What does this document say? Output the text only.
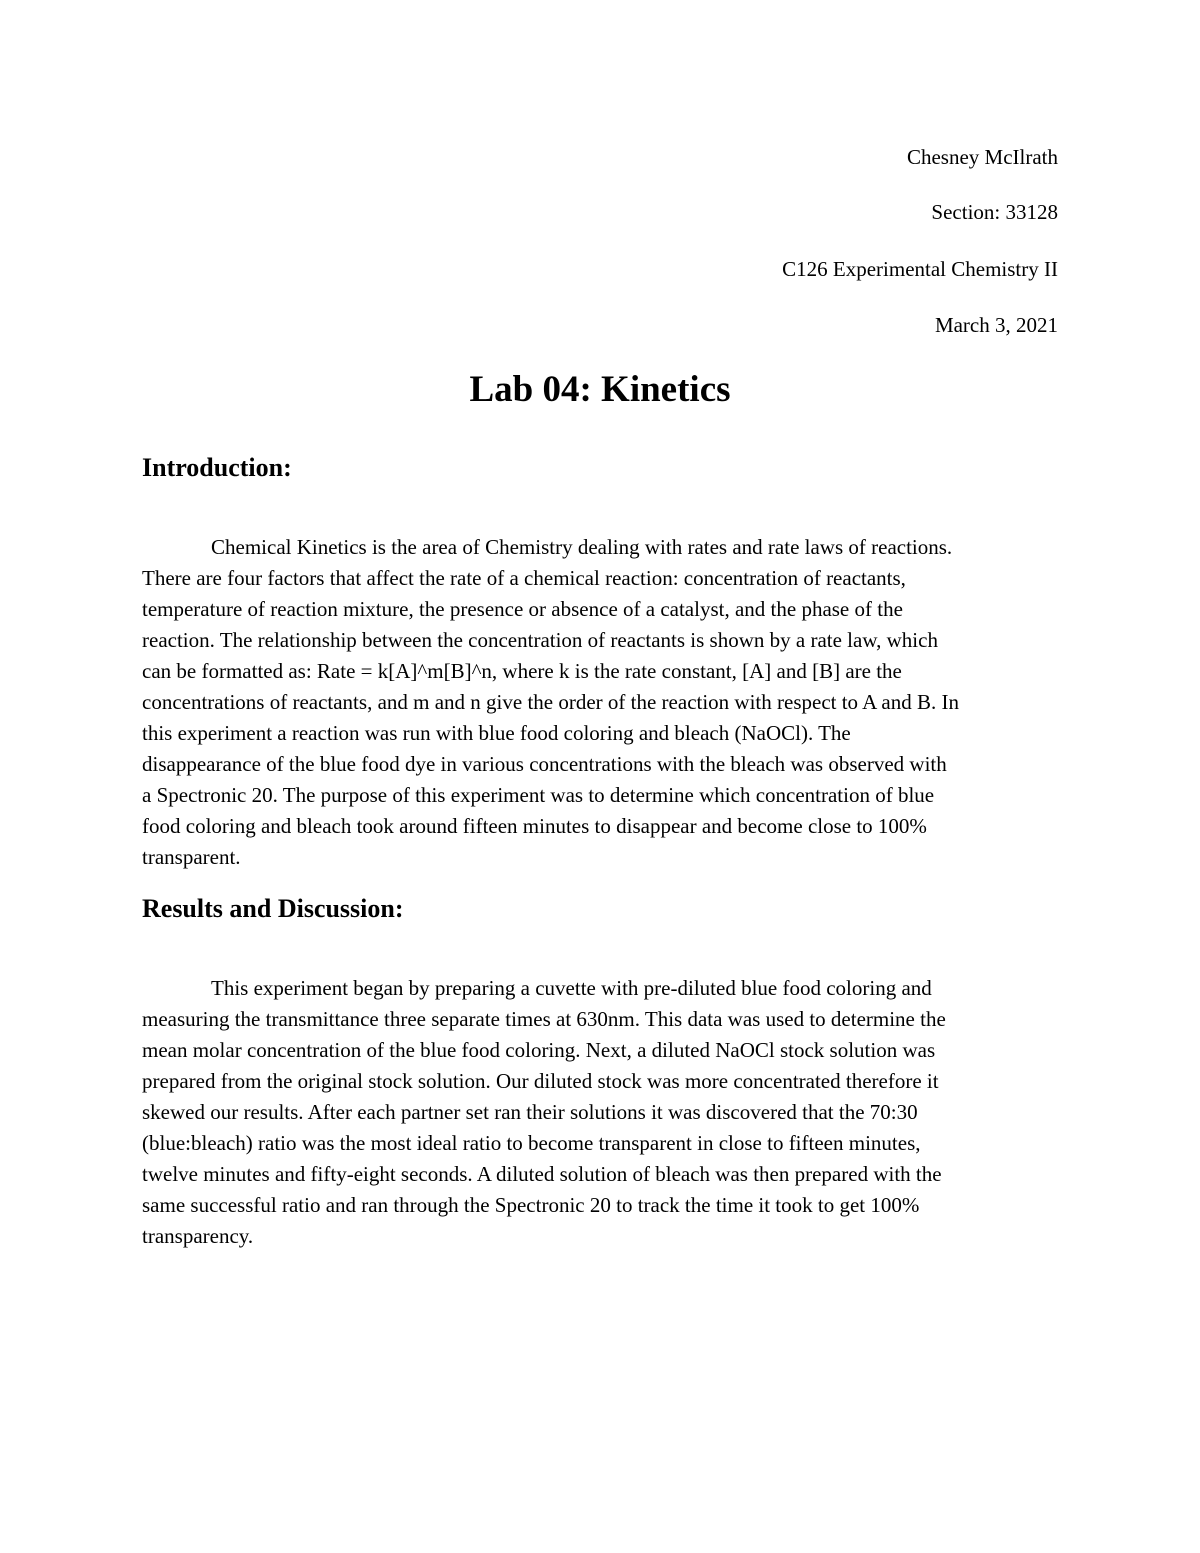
Chesney McIlrath
Section: 33128
C126 Experimental Chemistry II
March 3, 2021
Lab 04: Kinetics
Introduction:
Chemical Kinetics is the area of Chemistry dealing with rates and rate laws of reactions.
There are four factors that affect the rate of a chemical reaction: concentration of reactants,
temperature of reaction mixture, the presence or absence of a catalyst, and the phase of the
reaction. The relationship between the concentration of reactants is shown by a rate law, which
can be formatted as: Rate = k[A]^m[B]^n, where k is the rate constant, [A] and [B] are the
concentrations of reactants, and m and n give the order of the reaction with respect to A and B. In
this experiment a reaction was run with blue food coloring and bleach (NaOCl). The
disappearance of the blue food dye in various concentrations with the bleach was observed with
a Spectronic 20. The purpose of this experiment was to determine which concentration of blue
food coloring and bleach took around fifteen minutes to disappear and become close to 100%
transparent.
Results and Discussion:
This experiment began by preparing a cuvette with pre-diluted blue food coloring and
measuring the transmittance three separate times at 630nm. This data was used to determine the
mean molar concentration of the blue food coloring. Next, a diluted NaOCl stock solution was
prepared from the original stock solution. Our diluted stock was more concentrated therefore it
skewed our results. After each partner set ran their solutions it was discovered that the 70:30
(blue:bleach) ratio was the most ideal ratio to become transparent in close to fifteen minutes,
twelve minutes and fifty-eight seconds. A diluted solution of bleach was then prepared with the
same successful ratio and ran through the Spectronic 20 to track the time it took to get 100%
transparency.
